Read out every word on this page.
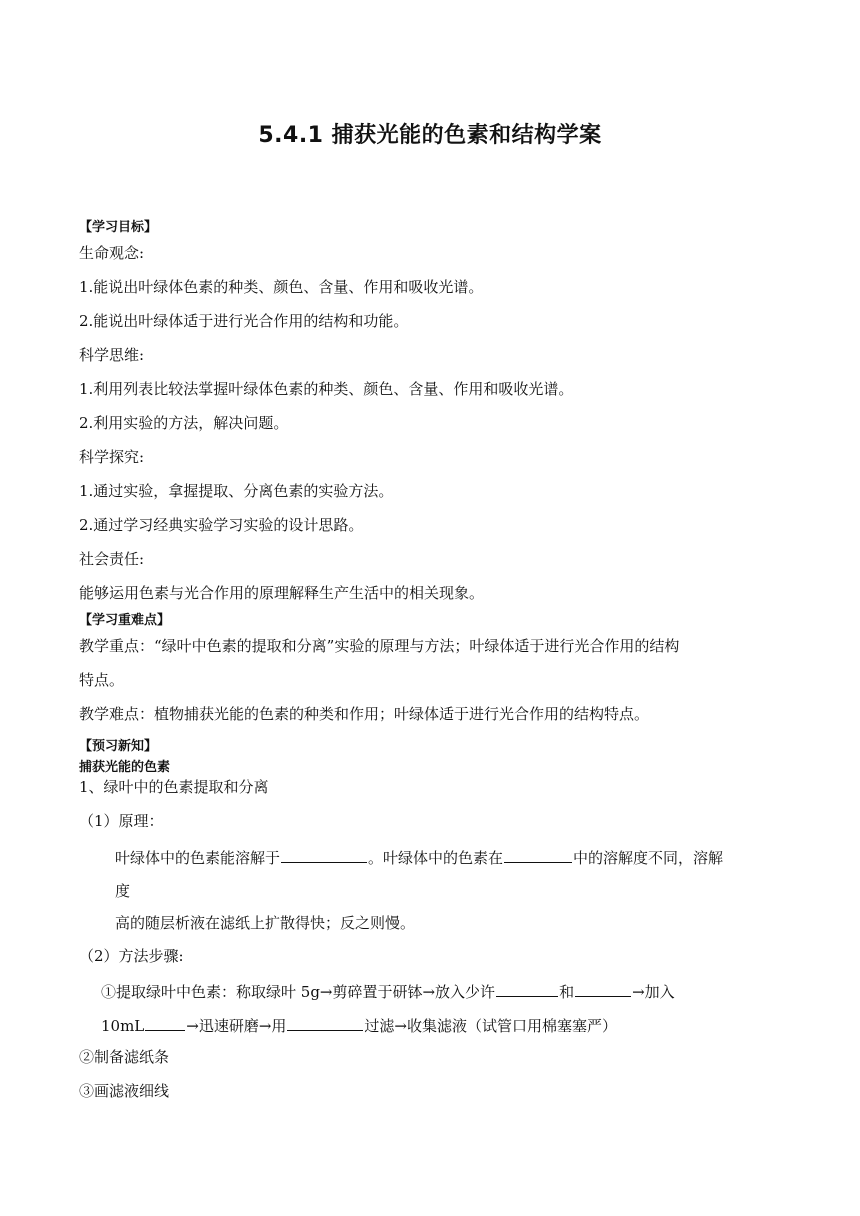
5.4.1 捕获光能的色素和结构学案
【学习目标】
生命观念:
1.能说出叶绿体色素的种类、颜色、含量、作用和吸收光谱。
2.能说出叶绿体适于进行光合作用的结构和功能。
科学思维:
1.利用列表比较法掌握叶绿体色素的种类、颜色、含量、作用和吸收光谱。
2.利用实验的方法，解决问题。
科学探究:
1.通过实验，拿握提取、分离色素的实验方法。
2.通过学习经典实验学习实验的设计思路。
社会责任:
能够运用色素与光合作用的原理解释生产生活中的相关现象。
【学习重难点】
教学重点：“绿叶中色素的提取和分离”实验的原理与方法；叶绿体适于进行光合作用的结构
特点。
教学难点：植物捕获光能的色素的种类和作用；叶绿体适于进行光合作用的结构特点。
【预习新知】
捕获光能的色素
1、绿叶中的色素提取和分离
（1）原理：
叶绿体中的色素能溶解于	。叶绿体中的色素在	中的溶解度不同，溶解
度
高的随层析液在滤纸上扩散得快；反之则慢。
（2）方法步骤:
①提取绿叶中色素：称取绿叶 5g→剪碎置于研钵→放入少许	和	→加入
10mL	→迅速研磨→用	过滤→收集滤液（试管口用棉塞塞严）
②制备滤纸条
③画滤液细线
